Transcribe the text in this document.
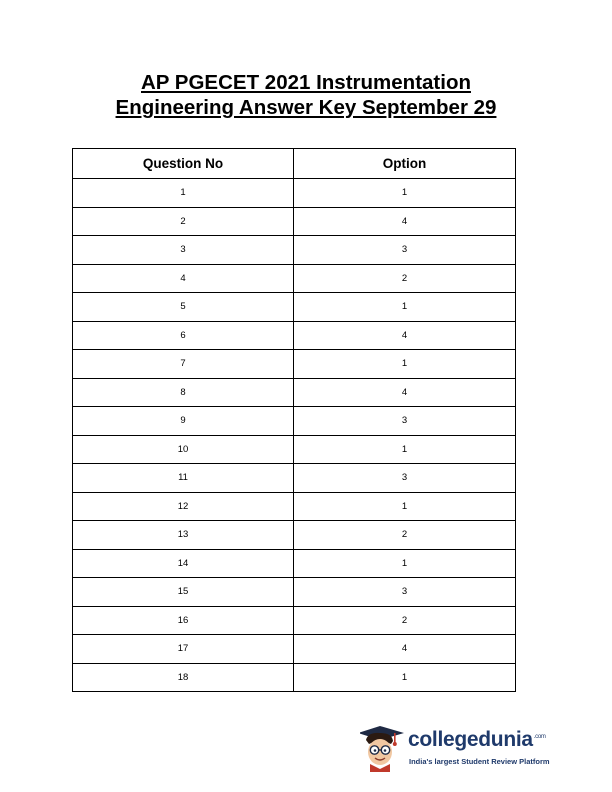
AP PGECET 2021 Instrumentation
Engineering Answer Key September 29
Question No	Option
1	1
2	4
3	3
4	2
5	1
6	4
7	1
8	4
9	3
10	1
11	3
12	1
13	2
14	1
15	3
16	2
17	4
18	1
collegedunia$^{.com}$
India's largest Student Review Platform
